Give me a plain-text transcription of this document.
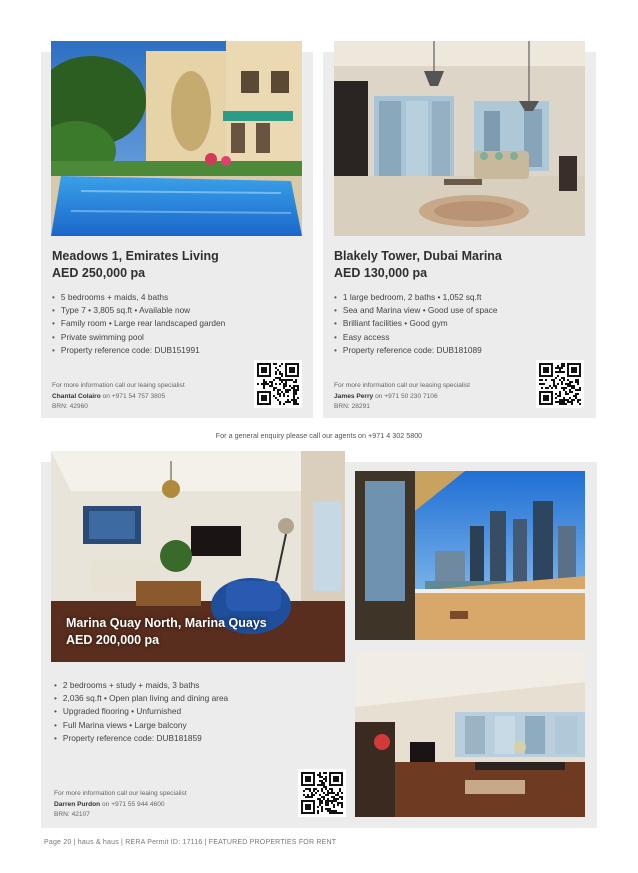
Meadows 1, Emirates Living
AED 250,000 pa
• 5 bedrooms + maids, 4 baths
• Type 7 • 3,805 sq.ft • Available now
• Family room • Large rear landscaped garden
• Private swimming pool
• Property reference code: DUB151991
For more information call our leaing specialist
Chantal Colairo on +971 54 757 3805
BRN: 42960
Blakely Tower, Dubai Marina
AED 130,000 pa
• 1 large bedroom, 2 baths • 1,052 sq.ft
• Sea and Marina view • Good use of space
• Brilliant facilities • Good gym
• Easy access
• Property reference code: DUB181089
For more information call our leasing specialist
James Perry on +971 50 230 7106
BRN: 28291
For a general enquiry please call our agents on +971 4 302 5800
Marina Quay North, Marina Quays
AED 200,000 pa
• 2 bedrooms + study + maids, 3 baths
• 2,036 sq.ft • Open plan living and dining area
• Upgraded flooring • Unfurnished
• Full Marina views • Large balcony
• Property reference code: DUB181859
For more information call our leaing specialist
Darren Purdon on +971 55 944 4600
BRN: 42107
Page 20 | haus & haus | RERA Permit ID: 17116 | FEATURED PROPERTIES FOR RENT
